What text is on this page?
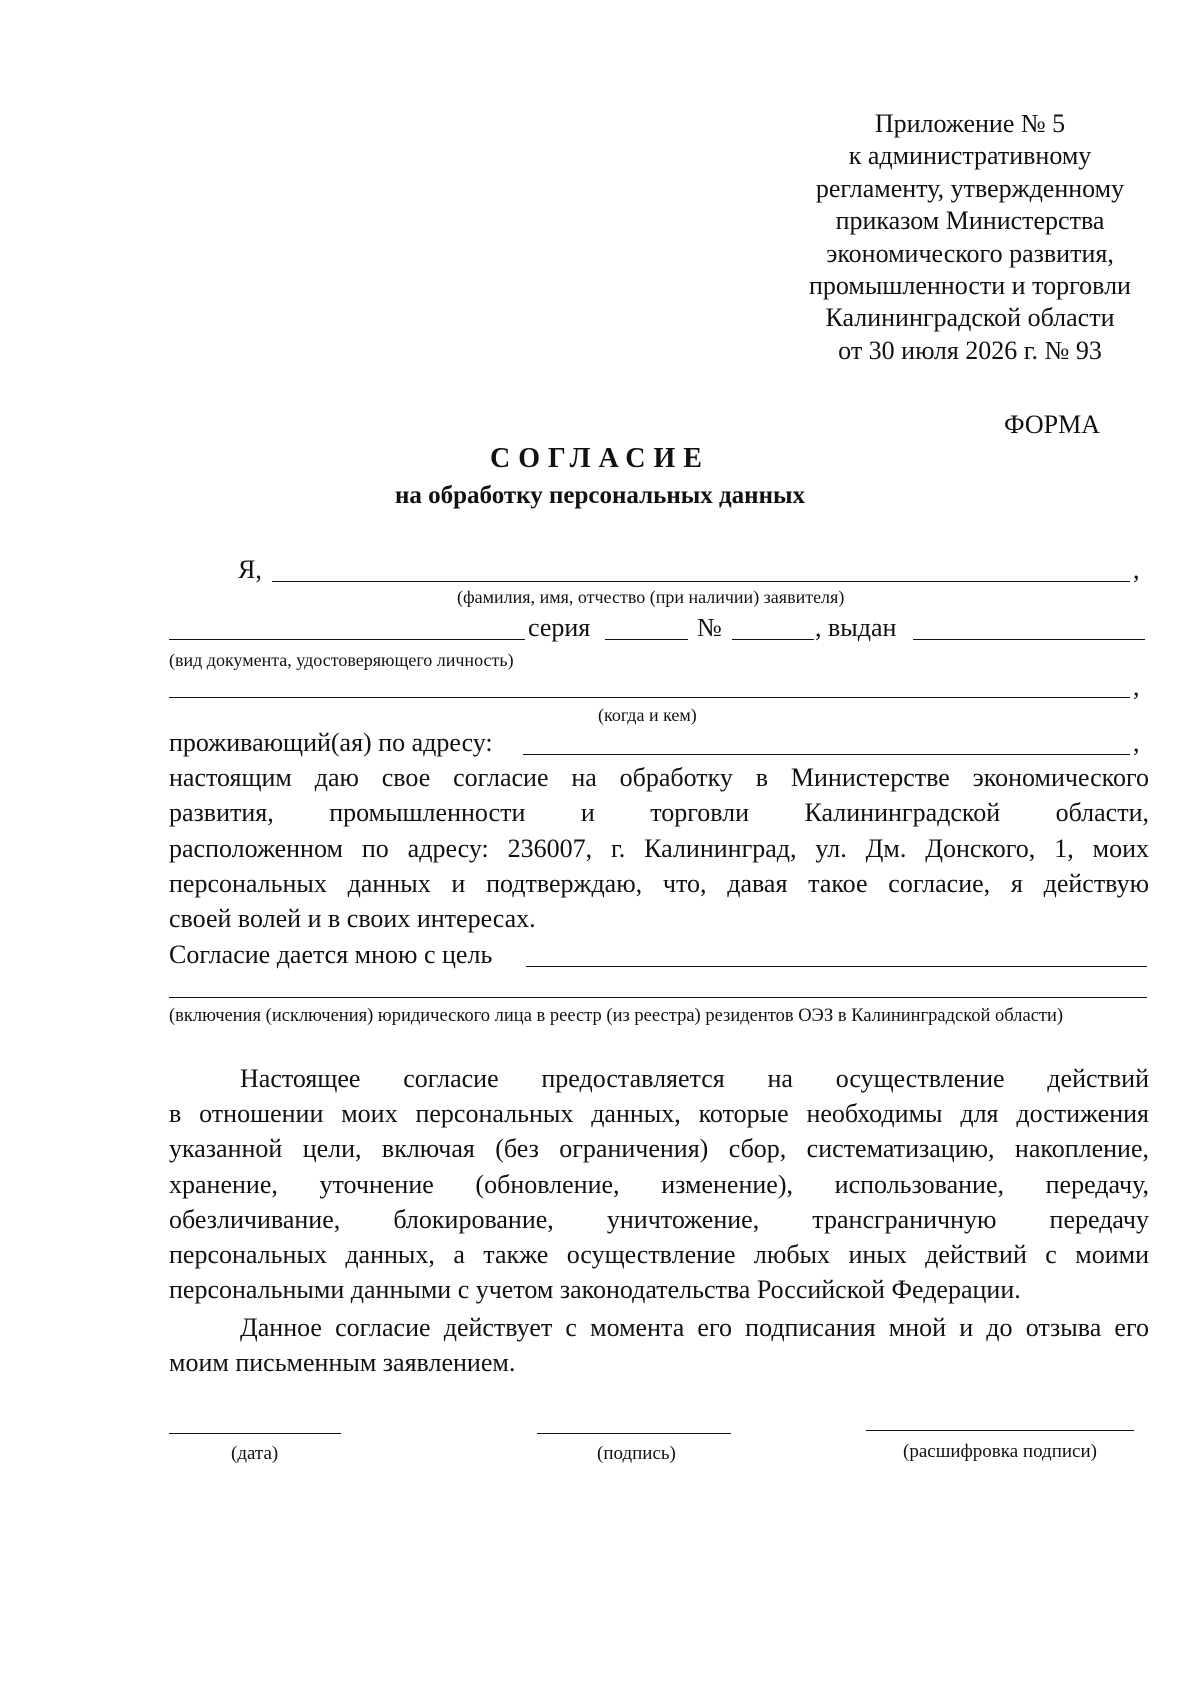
Приложение № 5
к административному
регламенту, утвержденному
приказом Министерства
экономического развития,
промышленности и торговли
Калининградской области
от 30 июля 2026 г. № 93
ФОРМА
СОГЛАСИЕ
на обработку персональных данных
Я,	,
(фамилия, имя, отчество (при наличии) заявителя)
серия	№	, выдан
(вид документа, удостоверяющего личность)
,
(когда и кем)
проживающий(ая) по адресу:	,
настоящим даю свое согласие на обработку в Министерстве экономического
развития, промышленности и торговли Калининградской области,
расположенном по адресу: 236007, г. Калининград, ул. Дм. Донского, 1, моих
персональных данных и подтверждаю, что, давая такое согласие, я действую
своей волей и в своих интересах.
Согласие дается мною с цель
(включения (исключения) юридического лица в реестр (из реестра) резидентов ОЭЗ в Калининградской области)
Настоящее согласие предоставляется на осуществление действий
в отношении моих персональных данных, которые необходимы для достижения
указанной цели, включая (без ограничения) сбор, систематизацию, накопление,
хранение, уточнение (обновление, изменение), использование, передачу,
обезличивание, блокирование, уничтожение, трансграничную передачу
персональных данных, а также осуществление любых иных действий с моими
персональными данными с учетом законодательства Российской Федерации.
Данное согласие действует с момента его подписания мной и до отзыва его
моим письменным заявлением.
(дата)	(подпись)	(расшифровка подписи)
